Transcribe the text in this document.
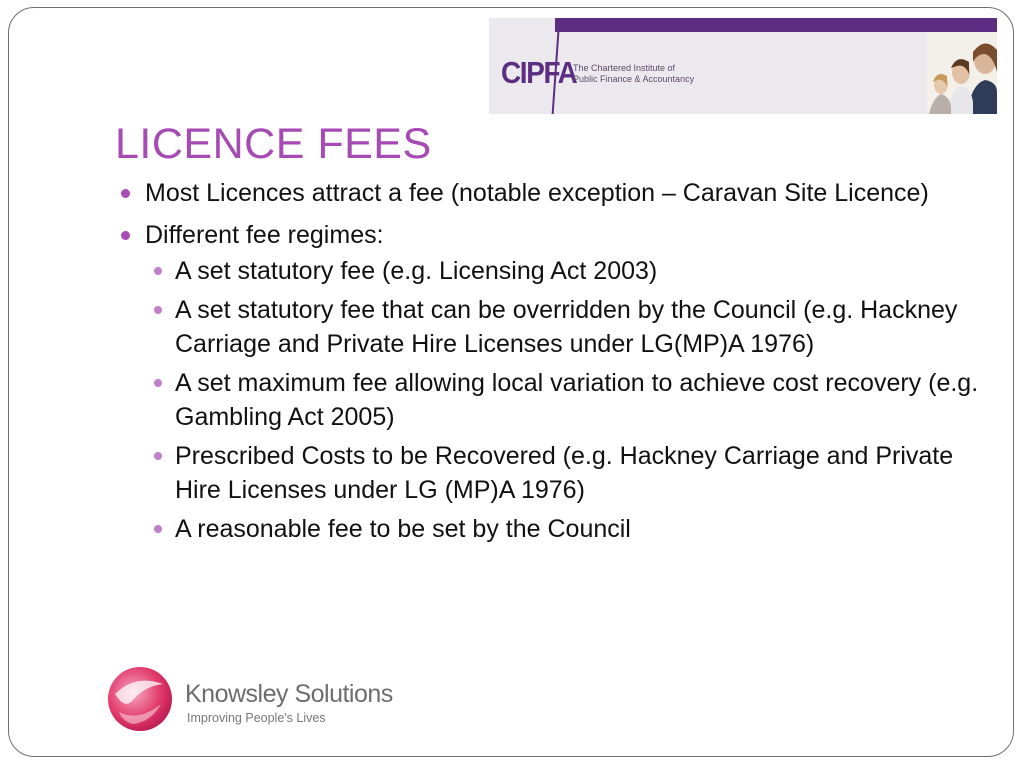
CIPFA
The Chartered Institute of
Public Finance & Accountancy
LICENCE FEES
Most Licences attract a fee (notable exception – Caravan Site Licence)
Different fee regimes:
A set statutory fee (e.g. Licensing Act 2003)
A set statutory fee that can be overridden by the Council (e.g. Hackney Carriage and Private Hire Licenses under LG(MP)A 1976)
A set maximum fee allowing local variation to achieve cost recovery (e.g. Gambling Act 2005)
Prescribed Costs to be Recovered (e.g. Hackney Carriage and Private Hire Licenses under LG (MP)A 1976)
A reasonable fee to be set by the Council
Knowsley Solutions
Improving People's Lives
